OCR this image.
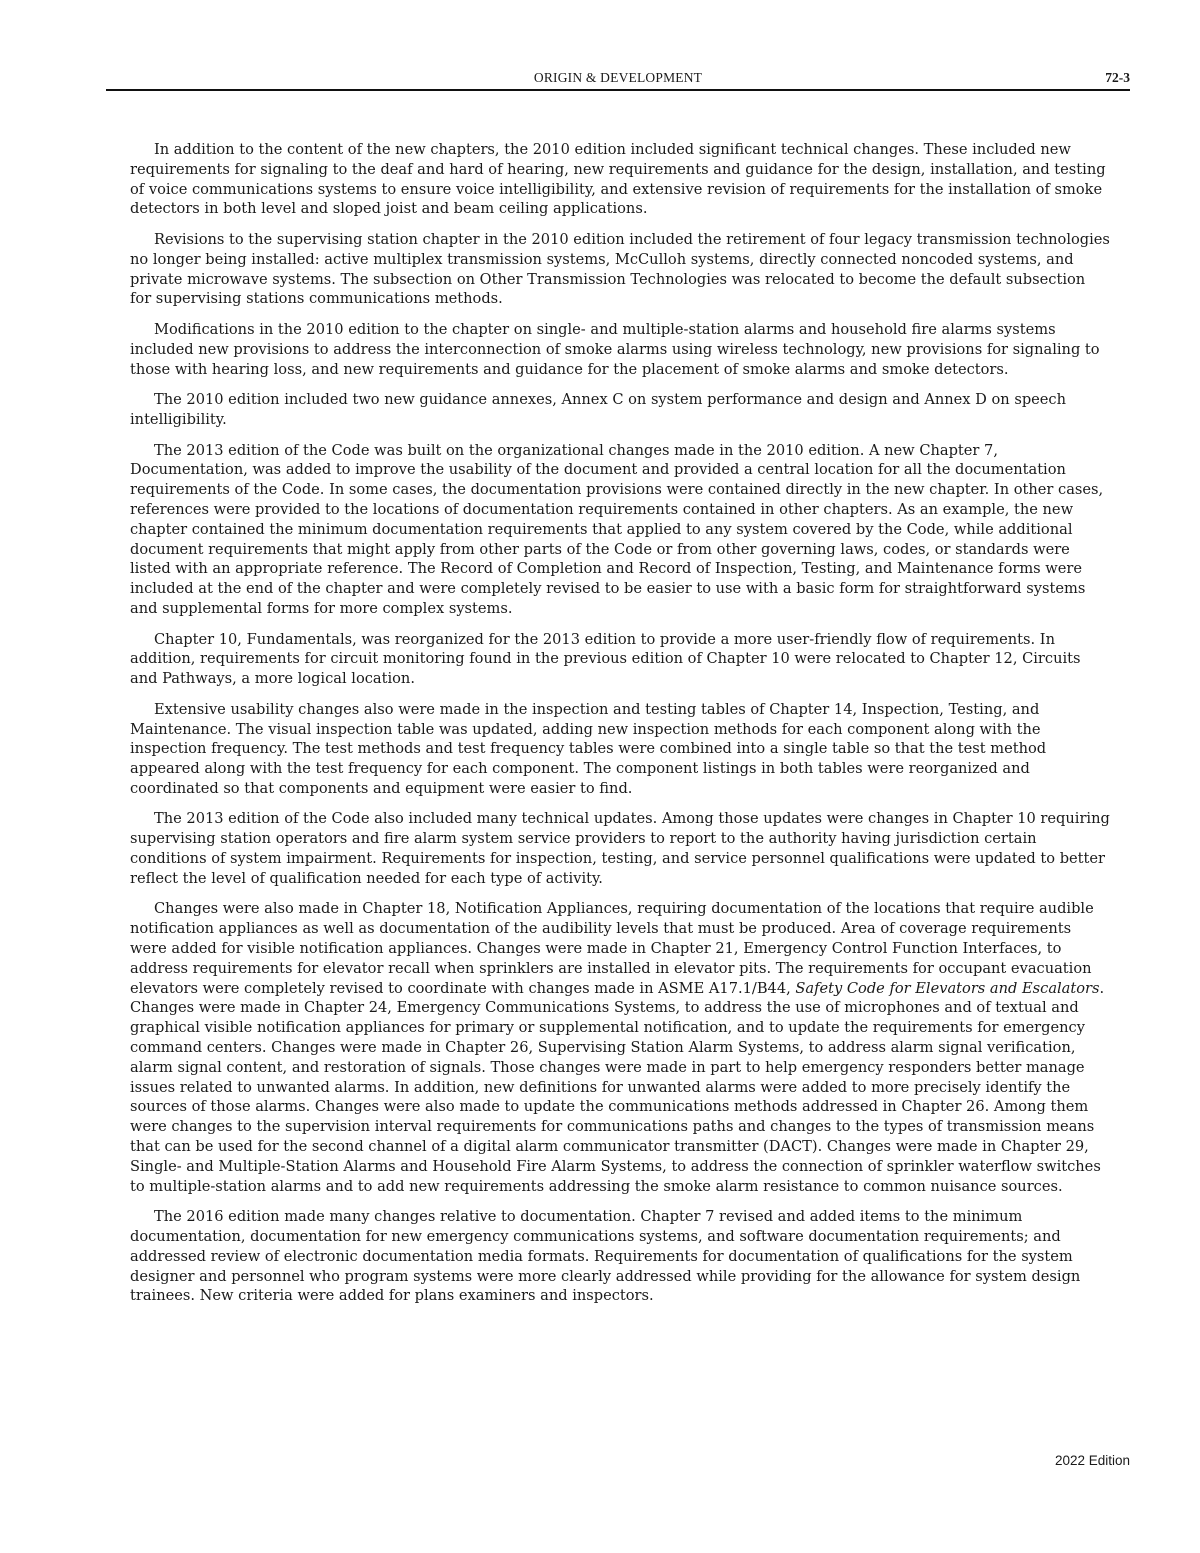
ORIGIN & DEVELOPMENT	72-3

In addition to the content of the new chapters, the 2010 edition included significant technical changes. These included new requirements for signaling to the deaf and hard of hearing, new requirements and guidance for the design, installation, and testing of voice communications systems to ensure voice intelligibility, and extensive revision of requirements for the installation of smoke detectors in both level and sloped joist and beam ceiling applications.

Revisions to the supervising station chapter in the 2010 edition included the retirement of four legacy transmission technologies no longer being installed: active multiplex transmission systems, McCulloh systems, directly connected noncoded systems, and private microwave systems. The subsection on Other Transmission Technologies was relocated to become the default subsection for supervising stations communications methods.

Modifications in the 2010 edition to the chapter on single- and multiple-station alarms and household fire alarms systems included new provisions to address the interconnection of smoke alarms using wireless technology, new provisions for signaling to those with hearing loss, and new requirements and guidance for the placement of smoke alarms and smoke detectors.

The 2010 edition included two new guidance annexes, Annex C on system performance and design and Annex D on speech intelligibility.

The 2013 edition of the Code was built on the organizational changes made in the 2010 edition. A new Chapter 7, Documentation, was added to improve the usability of the document and provided a central location for all the documentation requirements of the Code. In some cases, the documentation provisions were contained directly in the new chapter. In other cases, references were provided to the locations of documentation requirements contained in other chapters. As an example, the new chapter contained the minimum documentation requirements that applied to any system covered by the Code, while additional document requirements that might apply from other parts of the Code or from other governing laws, codes, or standards were listed with an appropriate reference. The Record of Completion and Record of Inspection, Testing, and Maintenance forms were included at the end of the chapter and were completely revised to be easier to use with a basic form for straightforward systems and supplemental forms for more complex systems.

Chapter 10, Fundamentals, was reorganized for the 2013 edition to provide a more user-friendly flow of requirements. In addition, requirements for circuit monitoring found in the previous edition of Chapter 10 were relocated to Chapter 12, Circuits and Pathways, a more logical location.

Extensive usability changes also were made in the inspection and testing tables of Chapter 14, Inspection, Testing, and Maintenance. The visual inspection table was updated, adding new inspection methods for each component along with the inspection frequency. The test methods and test frequency tables were combined into a single table so that the test method appeared along with the test frequency for each component. The component listings in both tables were reorganized and coordinated so that components and equipment were easier to find.

The 2013 edition of the Code also included many technical updates. Among those updates were changes in Chapter 10 requiring supervising station operators and fire alarm system service providers to report to the authority having jurisdiction certain conditions of system impairment. Requirements for inspection, testing, and service personnel qualifications were updated to better reflect the level of qualification needed for each type of activity.

Changes were also made in Chapter 18, Notification Appliances, requiring documentation of the locations that require audible notification appliances as well as documentation of the audibility levels that must be produced. Area of coverage requirements were added for visible notification appliances. Changes were made in Chapter 21, Emergency Control Function Interfaces, to address requirements for elevator recall when sprinklers are installed in elevator pits. The requirements for occupant evacuation elevators were completely revised to coordinate with changes made in ASME A17.1/B44, Safety Code for Elevators and Escalators. Changes were made in Chapter 24, Emergency Communications Systems, to address the use of microphones and of textual and graphical visible notification appliances for primary or supplemental notification, and to update the requirements for emergency command centers. Changes were made in Chapter 26, Supervising Station Alarm Systems, to address alarm signal verification, alarm signal content, and restoration of signals. Those changes were made in part to help emergency responders better manage issues related to unwanted alarms. In addition, new definitions for unwanted alarms were added to more precisely identify the sources of those alarms. Changes were also made to update the communications methods addressed in Chapter 26. Among them were changes to the supervision interval requirements for communications paths and changes to the types of transmission means that can be used for the second channel of a digital alarm communicator transmitter (DACT). Changes were made in Chapter 29, Single- and Multiple-Station Alarms and Household Fire Alarm Systems, to address the connection of sprinkler waterflow switches to multiple-station alarms and to add new requirements addressing the smoke alarm resistance to common nuisance sources.

The 2016 edition made many changes relative to documentation. Chapter 7 revised and added items to the minimum documentation, documentation for new emergency communications systems, and software documentation requirements; and addressed review of electronic documentation media formats. Requirements for documentation of qualifications for the system designer and personnel who program systems were more clearly addressed while providing for the allowance for system design trainees. New criteria were added for plans examiners and inspectors.

2022 Edition
